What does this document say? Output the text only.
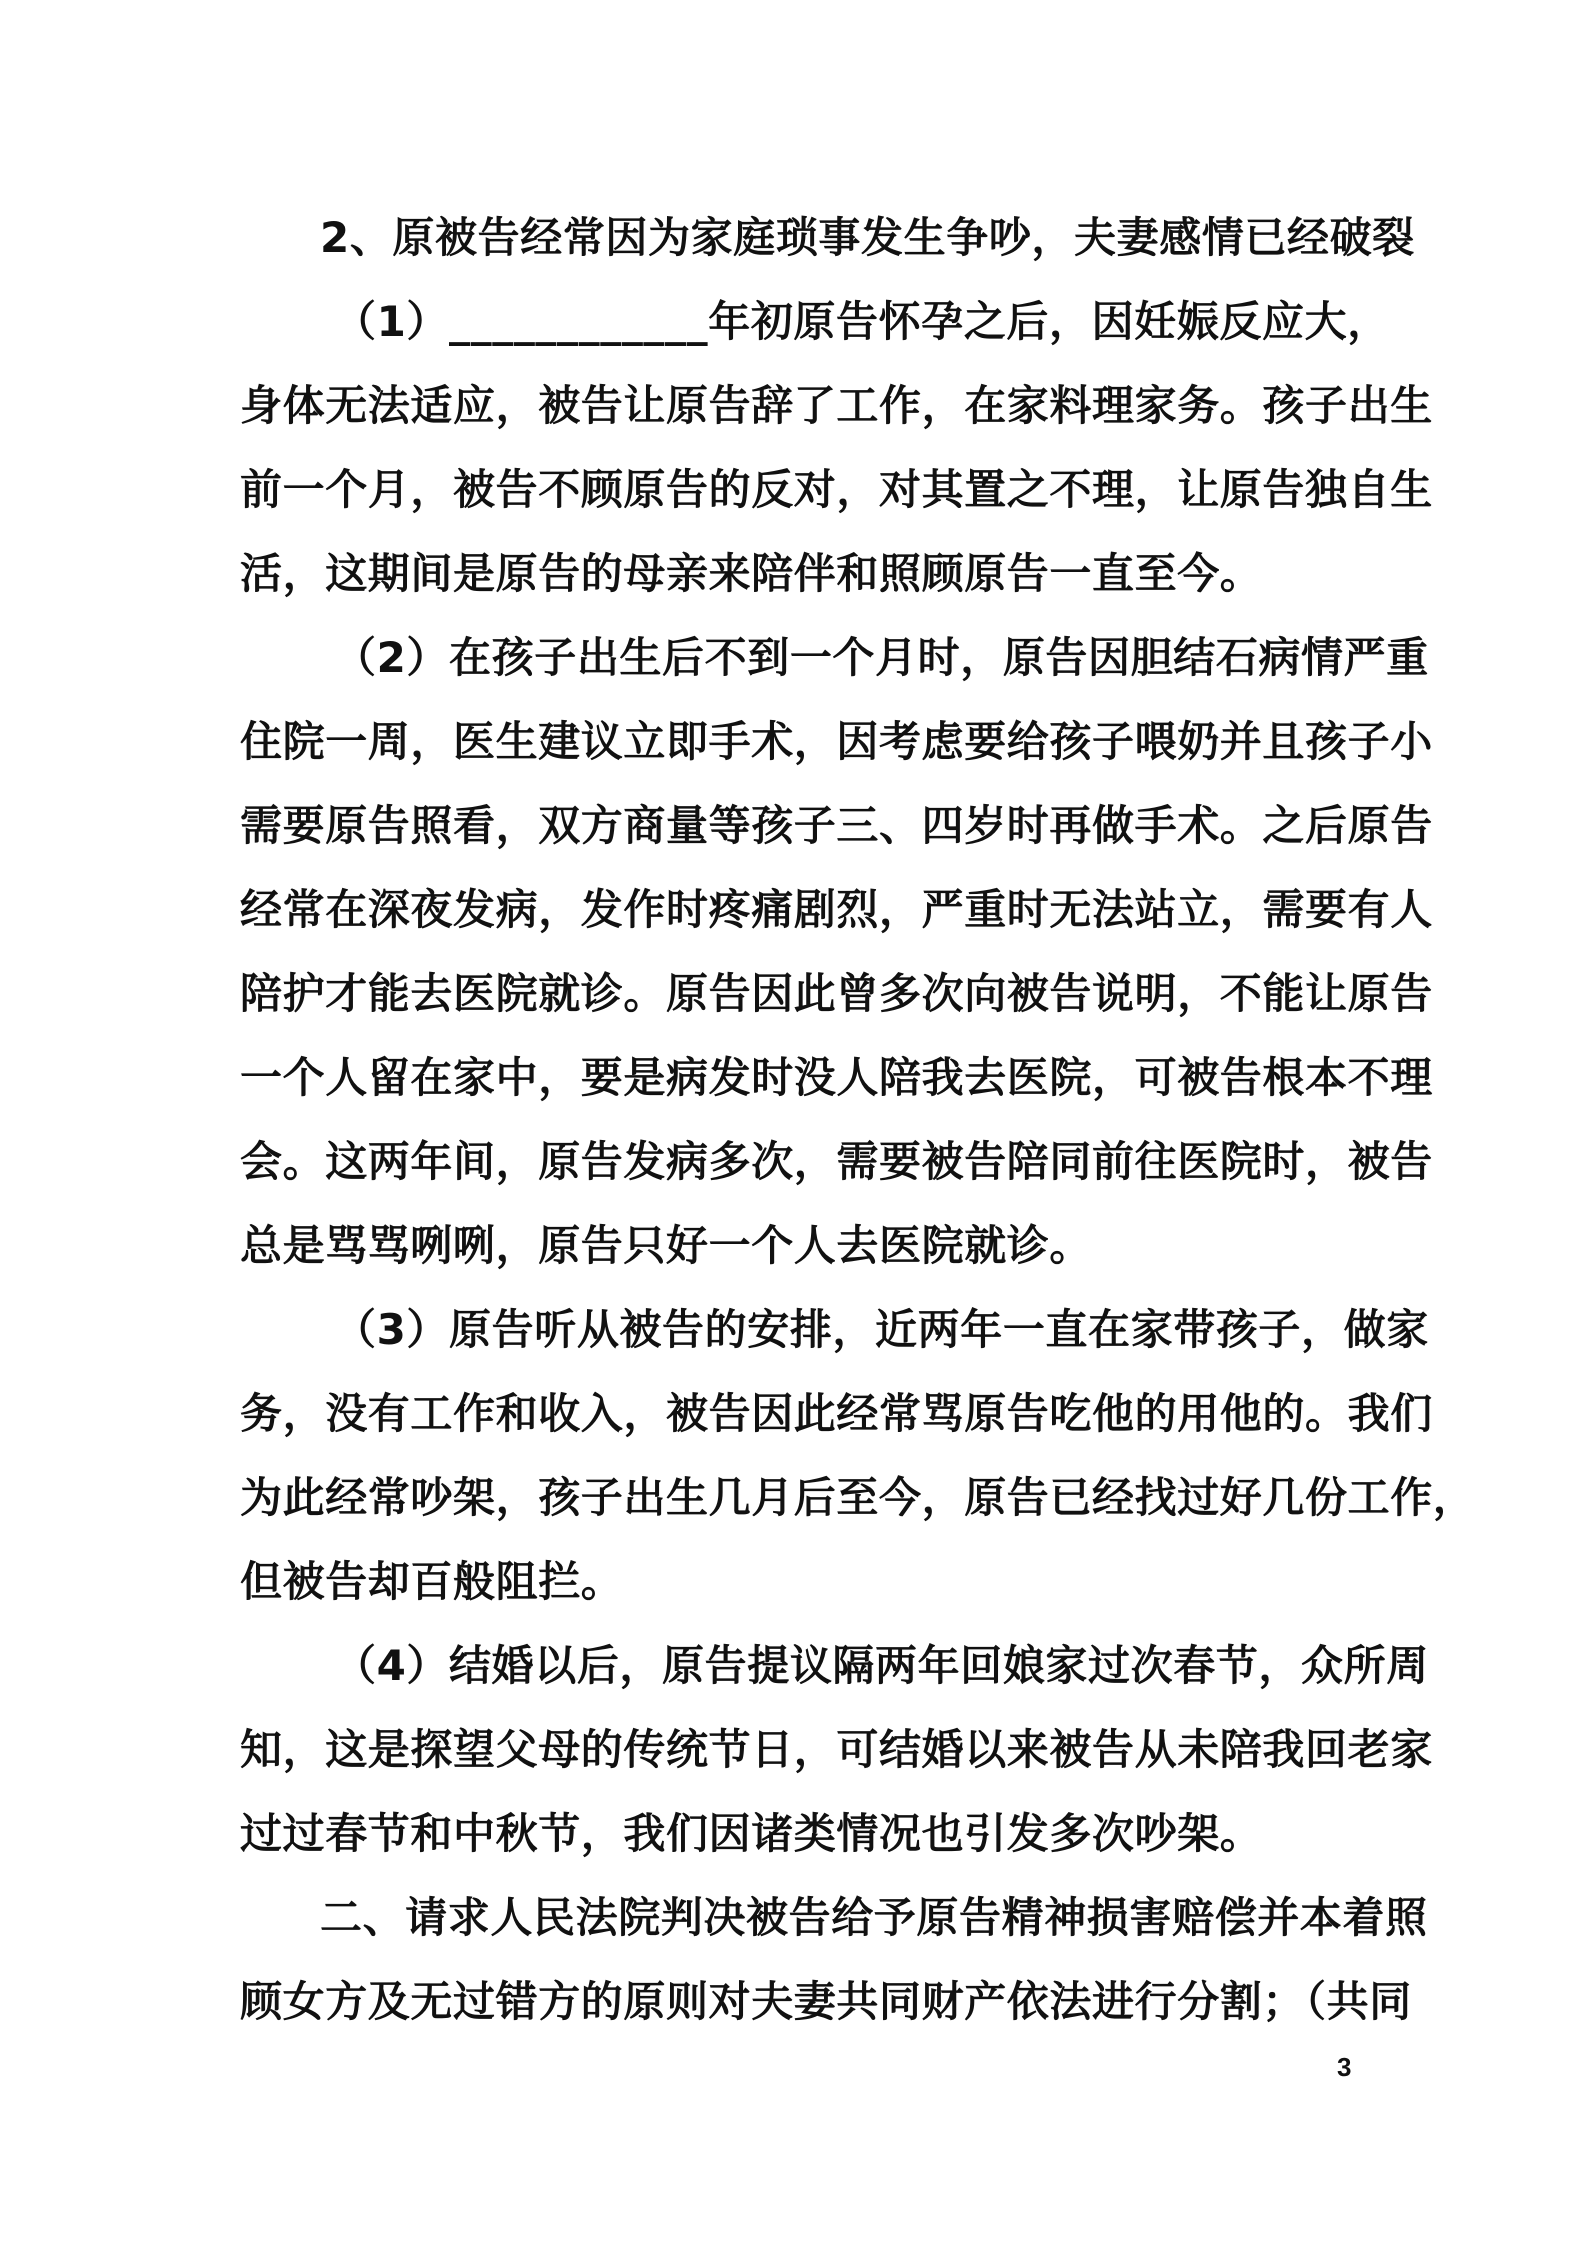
2、原被告经常因为家庭琐事发生争吵，夫妻感情已经破裂
（1）____________年初原告怀孕之后，因妊娠反应大，
身体无法适应，被告让原告辞了工作，在家料理家务。孩子出生
前一个月，被告不顾原告的反对，对其置之不理，让原告独自生
活，这期间是原告的母亲来陪伴和照顾原告一直至今。
（2）在孩子出生后不到一个月时，原告因胆结石病情严重
住院一周，医生建议立即手术，因考虑要给孩子喂奶并且孩子小
需要原告照看，双方商量等孩子三、四岁时再做手术。之后原告
经常在深夜发病，发作时疼痛剧烈，严重时无法站立，需要有人
陪护才能去医院就诊。原告因此曾多次向被告说明，不能让原告
一个人留在家中，要是病发时没人陪我去医院，可被告根本不理
会。这两年间，原告发病多次，需要被告陪同前往医院时，被告
总是骂骂咧咧，原告只好一个人去医院就诊。
（3）原告听从被告的安排，近两年一直在家带孩子，做家
务，没有工作和收入，被告因此经常骂原告吃他的用他的。我们
为此经常吵架，孩子出生几月后至今，原告已经找过好几份工作，
但被告却百般阻拦。
（4）结婚以后，原告提议隔两年回娘家过次春节，众所周
知，这是探望父母的传统节日，可结婚以来被告从未陪我回老家
过过春节和中秋节，我们因诸类情况也引发多次吵架。
二、请求人民法院判决被告给予原告精神损害赔偿并本着照
顾女方及无过错方的原则对夫妻共同财产依法进行分割；（共同
3
